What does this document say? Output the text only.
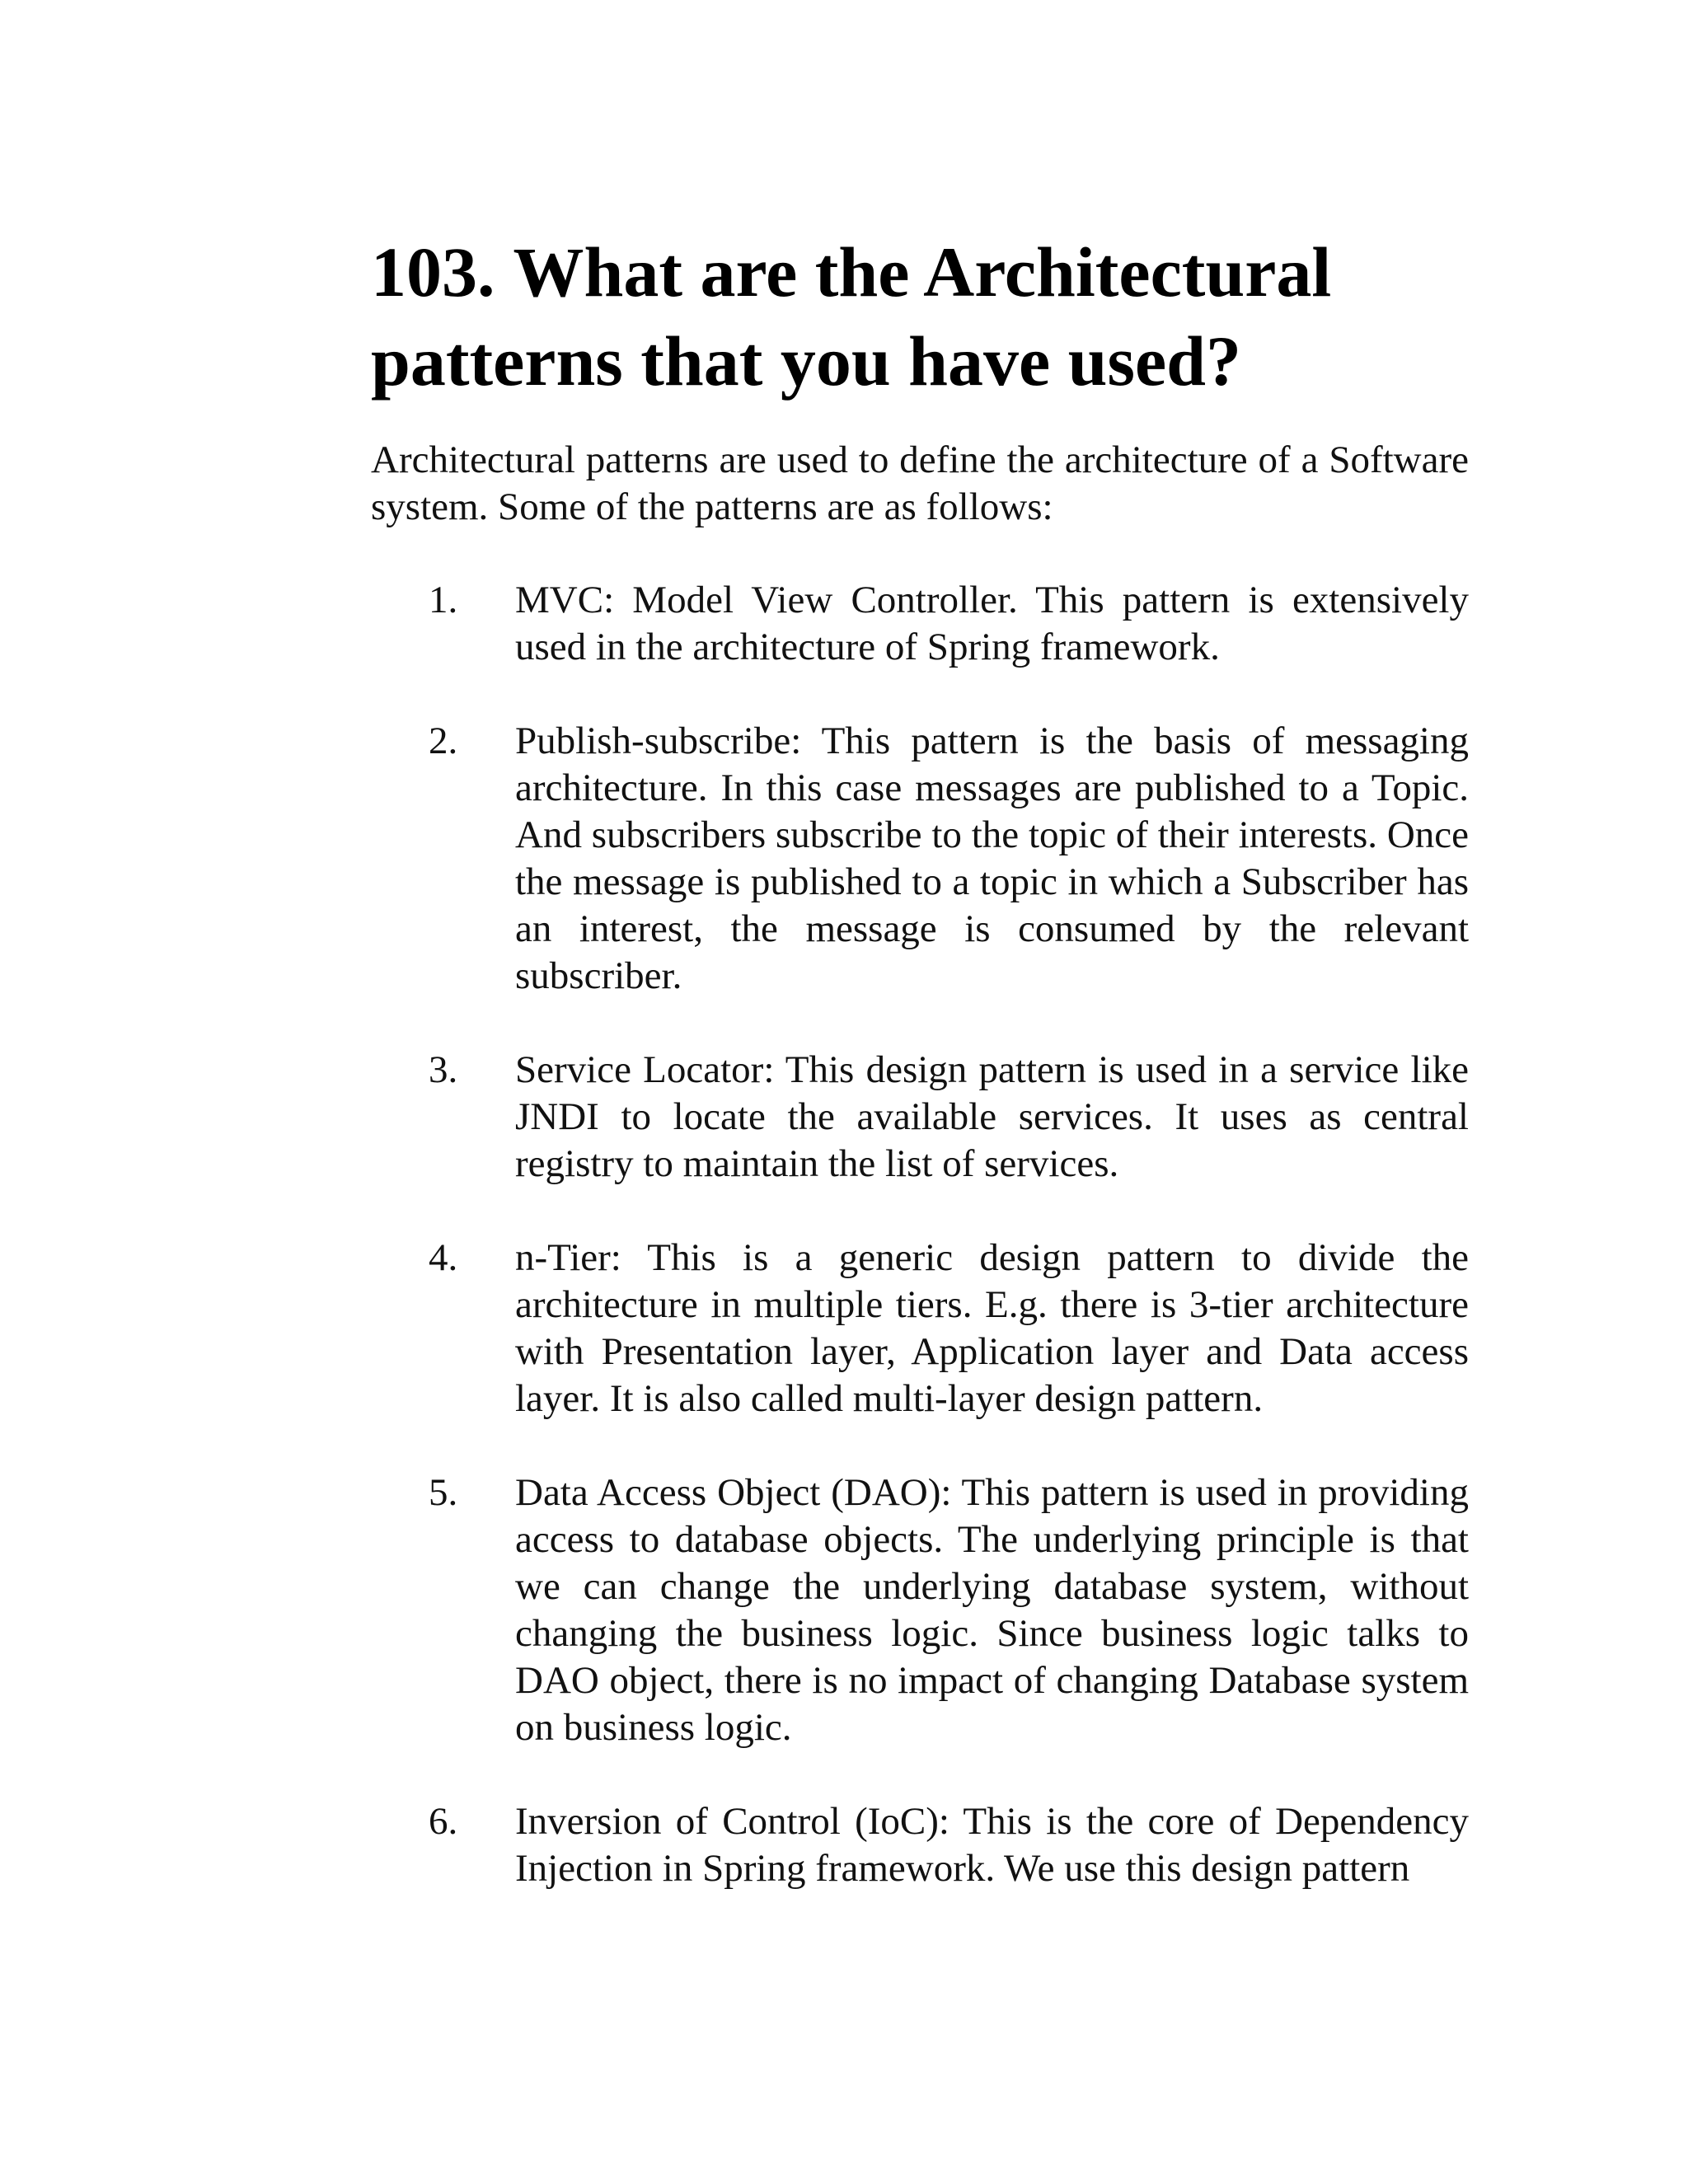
103. What are the Architectural patterns that you have used?

Architectural patterns are used to define the architecture of a Software system. Some of the patterns are as follows:

1.	MVC: Model View Controller. This pattern is extensively used in the architecture of Spring framework.
2.	Publish-subscribe: This pattern is the basis of messaging architecture. In this case messages are published to a Topic. And subscribers subscribe to the topic of their interests. Once the message is published to a topic in which a Subscriber has an interest, the message is consumed by the relevant subscriber.
3.	Service Locator: This design pattern is used in a service like JNDI to locate the available services. It uses as central registry to maintain the list of services.
4.	n-Tier: This is a generic design pattern to divide the architecture in multiple tiers. E.g. there is 3-tier architecture with Presentation layer, Application layer and Data access layer. It is also called multi-layer design pattern.
5.	Data Access Object (DAO): This pattern is used in providing access to database objects. The underlying principle is that we can change the underlying database system, without changing the business logic. Since business logic talks to DAO object, there is no impact of changing Database system on business logic.
6.	Inversion of Control (IoC): This is the core of Dependency Injection in Spring framework. We use this design pattern
